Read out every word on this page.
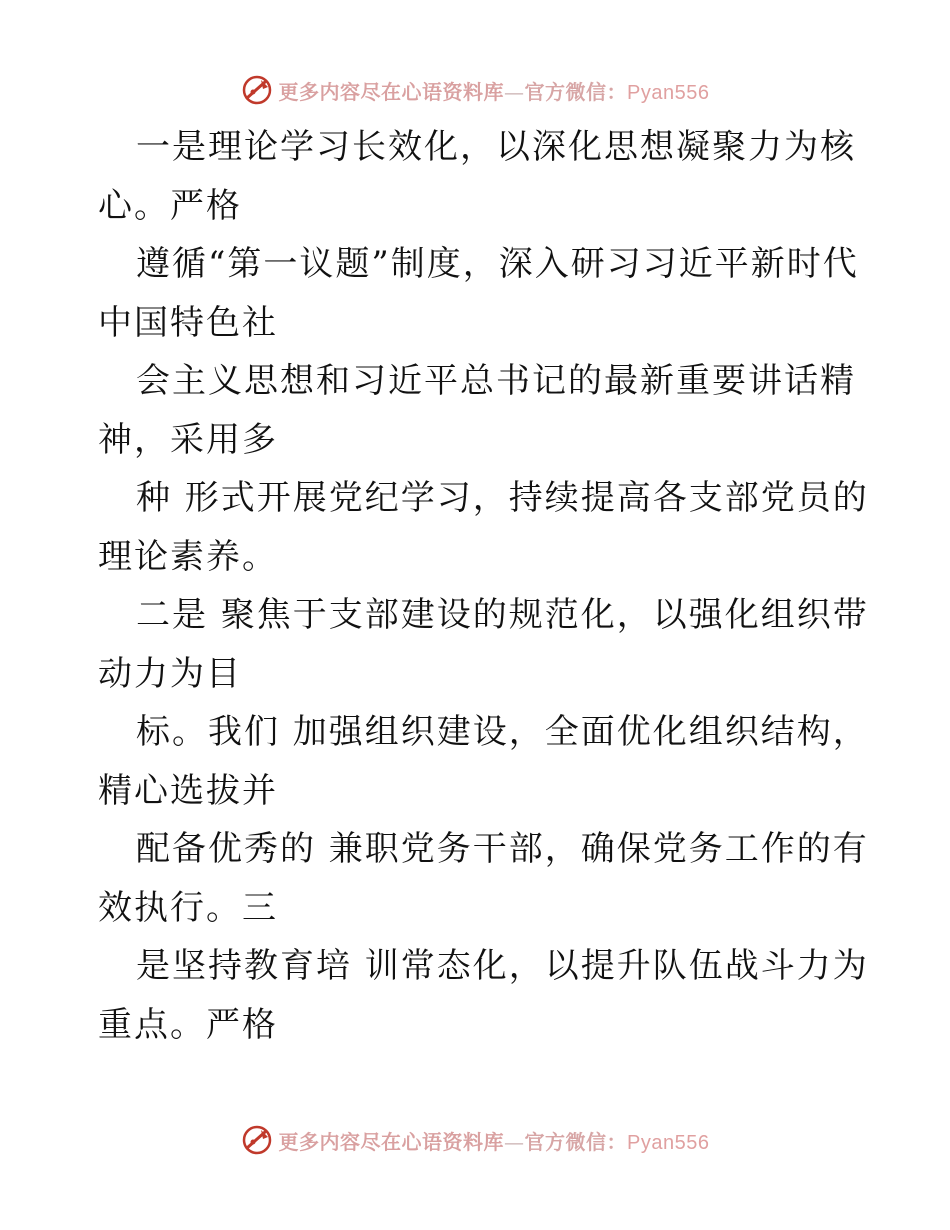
更多内容尽在心语资料库—官方微信：Pyan556
一是理论学习长效化，以深化思想凝聚力为核
心。严格
遵循“第一议题”制度，深入研习习近平新时代
中国特色社
会主义思想和习近平总书记的最新重要讲话精
神，采用多
种 形式开展党纪学习，持续提高各支部党员的
理论素养。
二是 聚焦于支部建设的规范化，以强化组织带
动力为目
标。我们 加强组织建设，全面优化组织结构，
精心选拔并
配备优秀的 兼职党务干部，确保党务工作的有
效执行。三
是坚持教育培 训常态化，以提升队伍战斗力为
重点。严格
更多内容尽在心语资料库—官方微信：Pyan556
